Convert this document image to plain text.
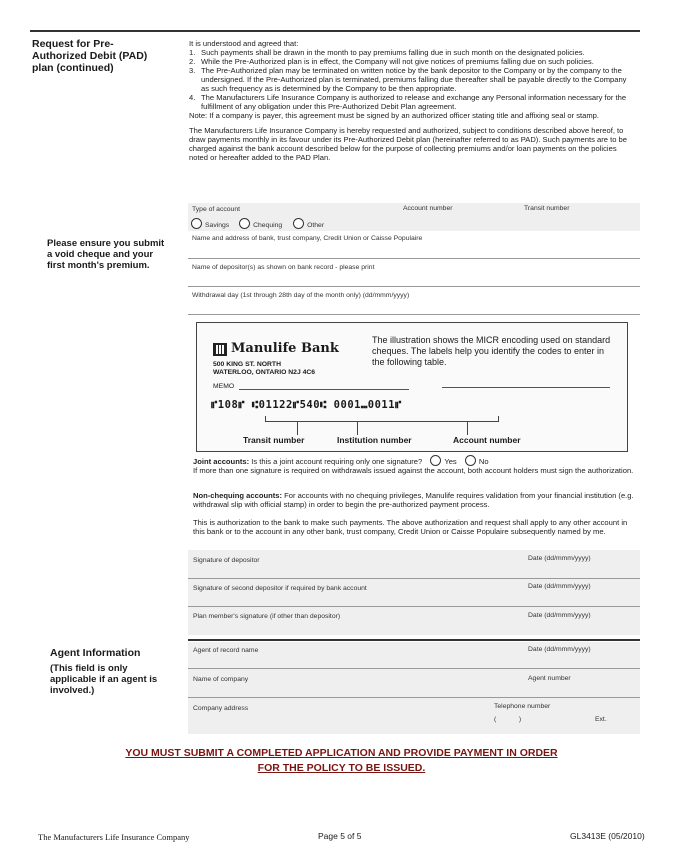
Request for Pre-Authorized Debit (PAD) plan (continued)
Please ensure you submit a void cheque and your first month's premium.
It is understood and agreed that:
1. Such payments shall be drawn in the month to pay premiums falling due in such month on the designated policies.
2. While the Pre-Authorized plan is in effect, the Company will not give notices of premiums falling due on such policies.
3. The Pre-Authorized plan may be terminated on written notice by the bank depositor to the Company or by the company to the undersigned. If the Pre-Authorized plan is terminated, premiums falling due thereafter shall be payable directly to the Company as such frequency as is determined by the Company to be then appropriate.
4. The Manufacturers Life Insurance Company is authorized to release and exchange any Personal information necessary for the fulfillment of any obligation under this Pre-Authorized Debit Plan agreement.
Note: If a company is payer, this agreement must be signed by an authorized officer stating title and affixing seal or stamp.
The Manufacturers Life Insurance Company is hereby requested and authorized, subject to conditions described above hereof, to draw payments monthly in its favour under its Pre-Authorized Debit plan (hereinafter referred to as PAD). Such payments are to be charged against the bank account described below for the purpose of collecting premiums and/or loan payments on the policies noted or hereafter added to the PAD Plan.
Type of account	Account number	Transit number
Savings	Chequing	Other
Name and address of bank, trust company, Credit Union or Caisse Populaire
Name of depositor(s) as shown on bank record - please print
Withdrawal day (1st through 28th day of the month only) (dd/mmm/yyyy)
Manulife Bank
500 KING ST. NORTH
WATERLOO, ONTARIO N2J 4C6
MEMO
The illustration shows the MICR encoding used on standard cheques. The labels help you identify the codes to enter in the following table.
⑈108⑈ ⑆01122⑈540⑆ 0001⑉0011⑈
Transit number	Institution number	Account number
Joint accounts: Is this a joint account requiring only one signature?	Yes	No
If more than one signature is required on withdrawals issued against the account, both account holders must sign the authorization.
Non-chequing accounts: For accounts with no chequing privileges, Manulife requires validation from your financial institution (e.g. withdrawal slip with official stamp) in order to begin the pre-authorized payment process.
This is authorization to the bank to make such payments. The above authorization and request shall apply to any other account in this bank or to the account in any other bank, trust company, Credit Union or Caisse Populaire subsequently named by me.
Signature of depositor	Date (dd/mmm/yyyy)
Signature of second depositor if required by bank account	Date (dd/mmm/yyyy)
Plan member's signature (if other than depositor)	Date (dd/mmm/yyyy)
Agent Information
(This field is only applicable if an agent is involved.)
Agent of record name	Date (dd/mmm/yyyy)
Name of company	Agent number
Company address	Telephone number
(            )	Ext.
YOU MUST SUBMIT A COMPLETED APPLICATION AND PROVIDE PAYMENT IN ORDER
FOR THE POLICY TO BE ISSUED.
The Manufacturers Life Insurance Company	Page 5 of 5	GL3413E (05/2010)
